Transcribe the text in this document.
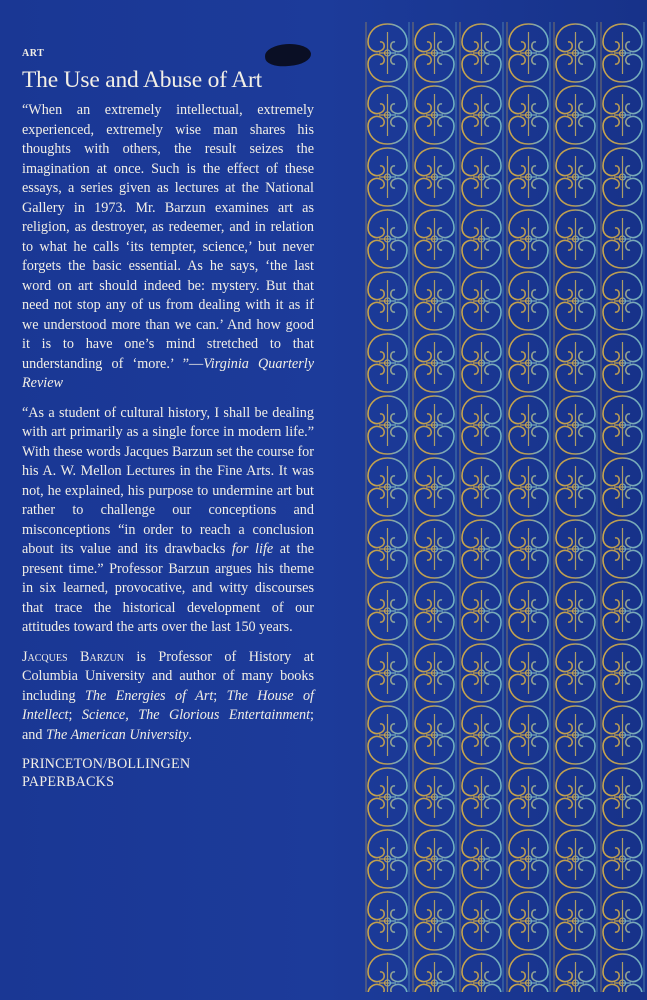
ART
The Use and Abuse of Art

“When an extremely intellectual, extremely experienced, extremely wise man shares his thoughts with others, the result seizes the imagination at once. Such is the effect of these essays, a series given as lectures at the National Gallery in 1973. Mr. Barzun examines art as religion, as destroyer, as redeemer, and in relation to what he calls ‘its tempter, science,’ but never forgets the basic essential. As he says, ‘the last word on art should indeed be: mystery. But that need not stop any of us from dealing with it as if we understood more than we can.’ And how good it is to have one’s mind stretched to that understanding of ‘more.’ ”—Virginia Quarterly Review

“As a student of cultural history, I shall be dealing with art primarily as a single force in modern life.” With these words Jacques Barzun set the course for his A. W. Mellon Lectures in the Fine Arts. It was not, he explained, his purpose to undermine art but rather to challenge our conceptions and misconceptions “in order to reach a conclusion about its value and its drawbacks for life at the present time.” Professor Barzun argues his theme in six learned, provocative, and witty discourses that trace the historical development of our attitudes toward the arts over the last 150 years.

Jacques Barzun is Professor of History at Columbia University and author of many books including The Energies of Art; The House of Intellect; Science, The Glorious Entertainment; and The American University.

PRINCETON/BOLLINGEN
PAPERBACKS
